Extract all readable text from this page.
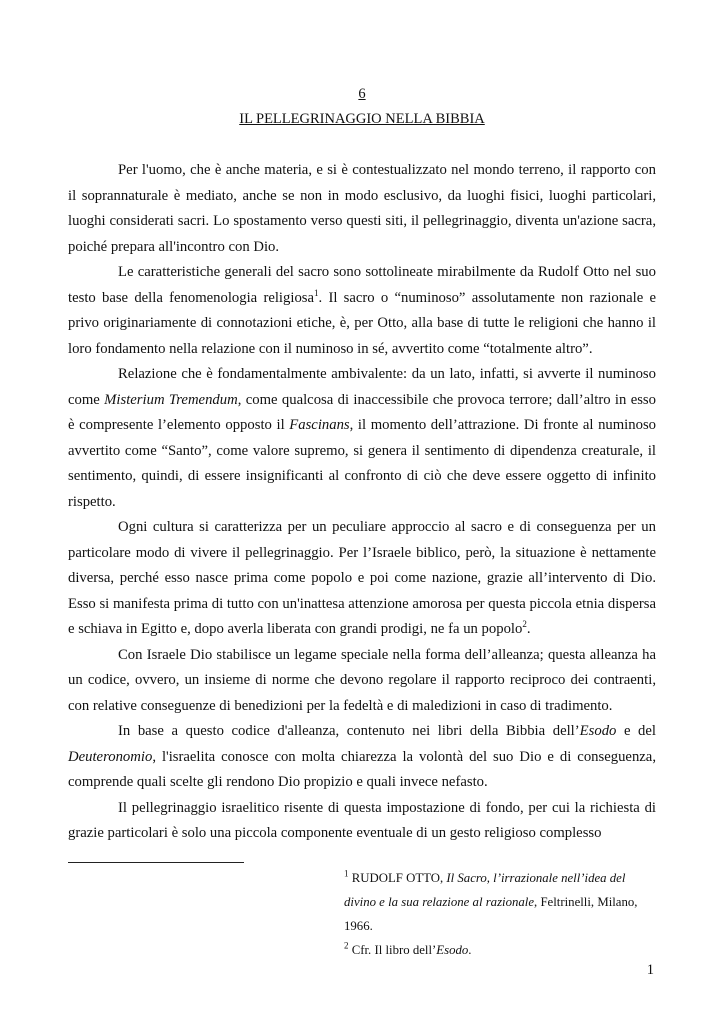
6
IL PELLEGRINAGGIO NELLA BIBBIA

Per l'uomo, che è anche materia, e si è contestualizzato nel mondo terreno, il rapporto con il soprannaturale è mediato, anche se non in modo esclusivo, da luoghi fisici, luoghi particolari, luoghi considerati sacri. Lo spostamento verso questi siti, il pellegrinaggio, diventa un'azione sacra, poiché prepara all'incontro con Dio.

Le caratteristiche generali del sacro sono sottolineate mirabilmente da Rudolf Otto nel suo testo base della fenomenologia religiosa$^1$. Il sacro o “numinoso” assolutamente non razionale e privo originariamente di connotazioni etiche, è, per Otto, alla base di tutte le religioni che hanno il loro fondamento nella relazione con il numinoso in sé, avvertito come “totalmente altro”.

Relazione che è fondamentalmente ambivalente: da un lato, infatti, si avverte il numinoso come Misterium Tremendum, come qualcosa di inaccessibile che provoca terrore; dall’altro in esso è compresente l’elemento opposto il Fascinans, il momento dell’attrazione. Di fronte al numinoso avvertito come “Santo”, come valore supremo, si genera il sentimento di dipendenza creaturale, il sentimento, quindi, di essere insignificanti al confronto di ciò che deve essere oggetto di infinito rispetto.

Ogni cultura si caratterizza per un peculiare approccio al sacro e di conseguenza per un particolare modo di vivere il pellegrinaggio. Per l’Israele biblico, però, la situazione è nettamente diversa, perché esso nasce prima come popolo e poi come nazione, grazie all’intervento di Dio. Esso si manifesta prima di tutto con un'inattesa attenzione amorosa per questa piccola etnia dispersa e schiava in Egitto e, dopo averla liberata con grandi prodigi, ne fa un popolo$^2$.

Con Israele Dio stabilisce un legame speciale nella forma dell’alleanza; questa alleanza ha un codice, ovvero, un insieme di norme che devono regolare il rapporto reciproco dei contraenti, con relative conseguenze di benedizioni per la fedeltà e di maledizioni in caso di tradimento.

In base a questo codice d'alleanza, contenuto nei libri della Bibbia dell’Esodo e del Deuteronomio, l'israelita conosce con molta chiarezza la volontà del suo Dio e di conseguenza, comprende quali scelte gli rendono Dio propizio e quali invece nefasto.

Il pellegrinaggio israelitico risente di questa impostazione di fondo, per cui la richiesta di grazie particolari è solo una piccola componente eventuale di un gesto religioso complesso

$^1$ RUDOLF OTTO, Il Sacro, l’irrazionale nell’idea del divino e la sua relazione al razionale, Feltrinelli, Milano, 1966.

$^2$ Cfr. Il libro dell’Esodo.

1
